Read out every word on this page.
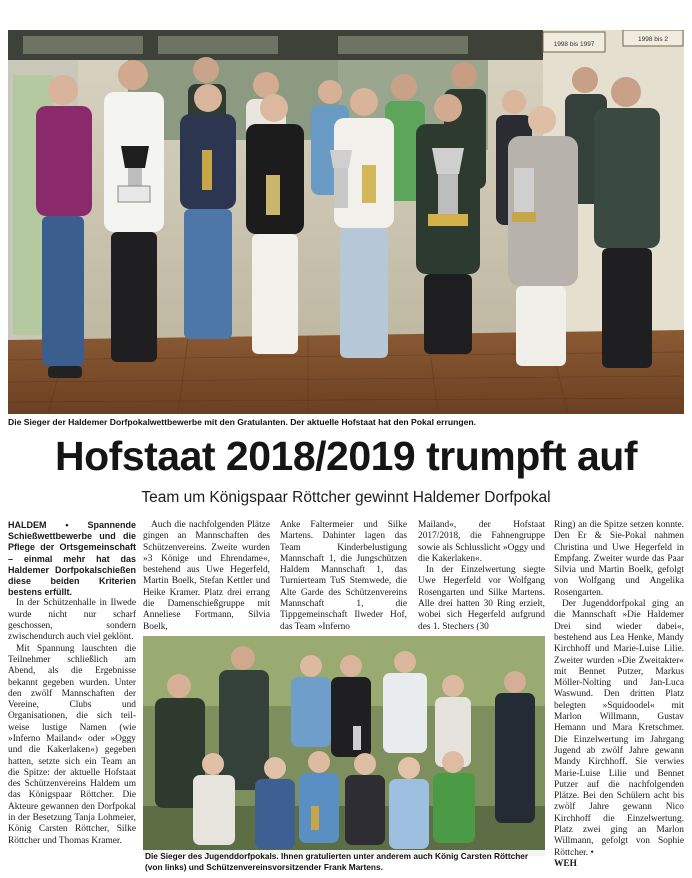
1998 bis 1997
1998 bis 2
Die Sieger der Haldemer Dorfpokalwettbewerbe mit den Gratulanten. Der aktuelle Hofstaat hat den Pokal errungen.
Hofstaat 2018/2019 trumpft auf
Team um Königspaar Röttcher gewinnt Haldemer Dorfpokal

HALDEM • Spannende Schießwettbewerbe und die Pflege der Ortsgemeinschaft – einmal mehr hat das Haldemer Dorfpokalschießen diese beiden Kriterien bestens erfüllt.

In der Schützenhalle in Ilwede wurde nicht nur scharf geschossen, sondern zwischendurch auch viel geklönt.

Mit Spannung lauschten die Teilnehmer schließlich am Abend, als die Ergebnisse bekannt gegeben wurden. Unter den zwölf Mannschaften der Vereine, Clubs und Organisationen, die sich teil-weise lustige Namen (wie »Inferno Mailand« oder »Oggy und die Kakerlaken«) gegeben hatten, setzte sich ein Team an die Spitze: der aktuelle Hofstaat des Schützenvereins Haldem um das Königspaar Röttcher. Die Akteure gewannen den Dorfpokal in der Besetzung Tanja Lohmeier, König Carsten Röttcher, Silke Röttcher und Thomas Kramer.

Auch die nachfolgenden Plätze gingen an Mannschaften des Schützenvereins. Zweite wurden »3 Könige und Ehrendame«, bestehend aus Uwe Hegerfeld, Martin Boelk, Stefan Kettler und Heike Kramer. Platz drei errang die Damenschießgruppe mit Anneliese Fortmann, Silvia Boelk,

Anke Faltermeier und Silke Martens. Dahinter lagen das Team Kinderbelustigung Mannschaft 1, die Jungschützen Haldem Mannschaft 1, das Turnierteam TuS Stemwede, die Alte Garde des Schützenvereins Mannschaft 1, die Tippgemeinschaft Ilweder Hof, das Team »Inferno

Mailand«, der Hofstaat 2017/2018, die Fahnengruppe sowie als Schlusslicht »Oggy und die Kakerlaken«.

In der Einzelwertung siegte Uwe Hegerfeld vor Wolfgang Rosengarten und Silke Martens. Alle drei hatten 30 Ring erzielt, wobei sich Hegerfeld aufgrund des 1. Stechers (30

Ring) an die Spitze setzen konnte. Den Er & Sie-Pokal nahmen Christina und Uwe Hegerfeld in Empfang. Zweiter wurde das Paar Silvia und Martin Boelk, gefolgt von Wolfgang und Angelika Rosengarten.

Der Jugenddorfpokal ging an die Mannschaft »Die Haldemer Drei sind wieder dabei«, bestehend aus Lea Henke, Mandy Kirchhoff und Marie-Luise Lilie. Zweiter wurden »Die Zweitakter« mit Bennet Putzer, Markus Möller-Nolting und Jan-Luca Waswund. Den dritten Platz belegten »Squidoodel« mit Marlon Willmann, Gustav Hemann und Mara Kretschmer. Die Einzelwertung im Jahrgang Jugend ab zwölf Jahre gewann Mandy Kirchhoff. Sie verwies Marie-Luise Lilie und Bennet Putzer auf die nachfolgenden Plätze. Bei den Schülern acht bis zwölf Jahre gewann Nico Kirchhoff die Einzelwertung. Platz zwei ging an Marlon Willmann, gefolgt von Sophie Röttcher. •

WEH

Die Sieger des Jugenddorfpokals. Ihnen gratulierten unter anderem auch König Carsten Röttcher (von links) und Schützenvereinsvorsitzender Frank Martens.
